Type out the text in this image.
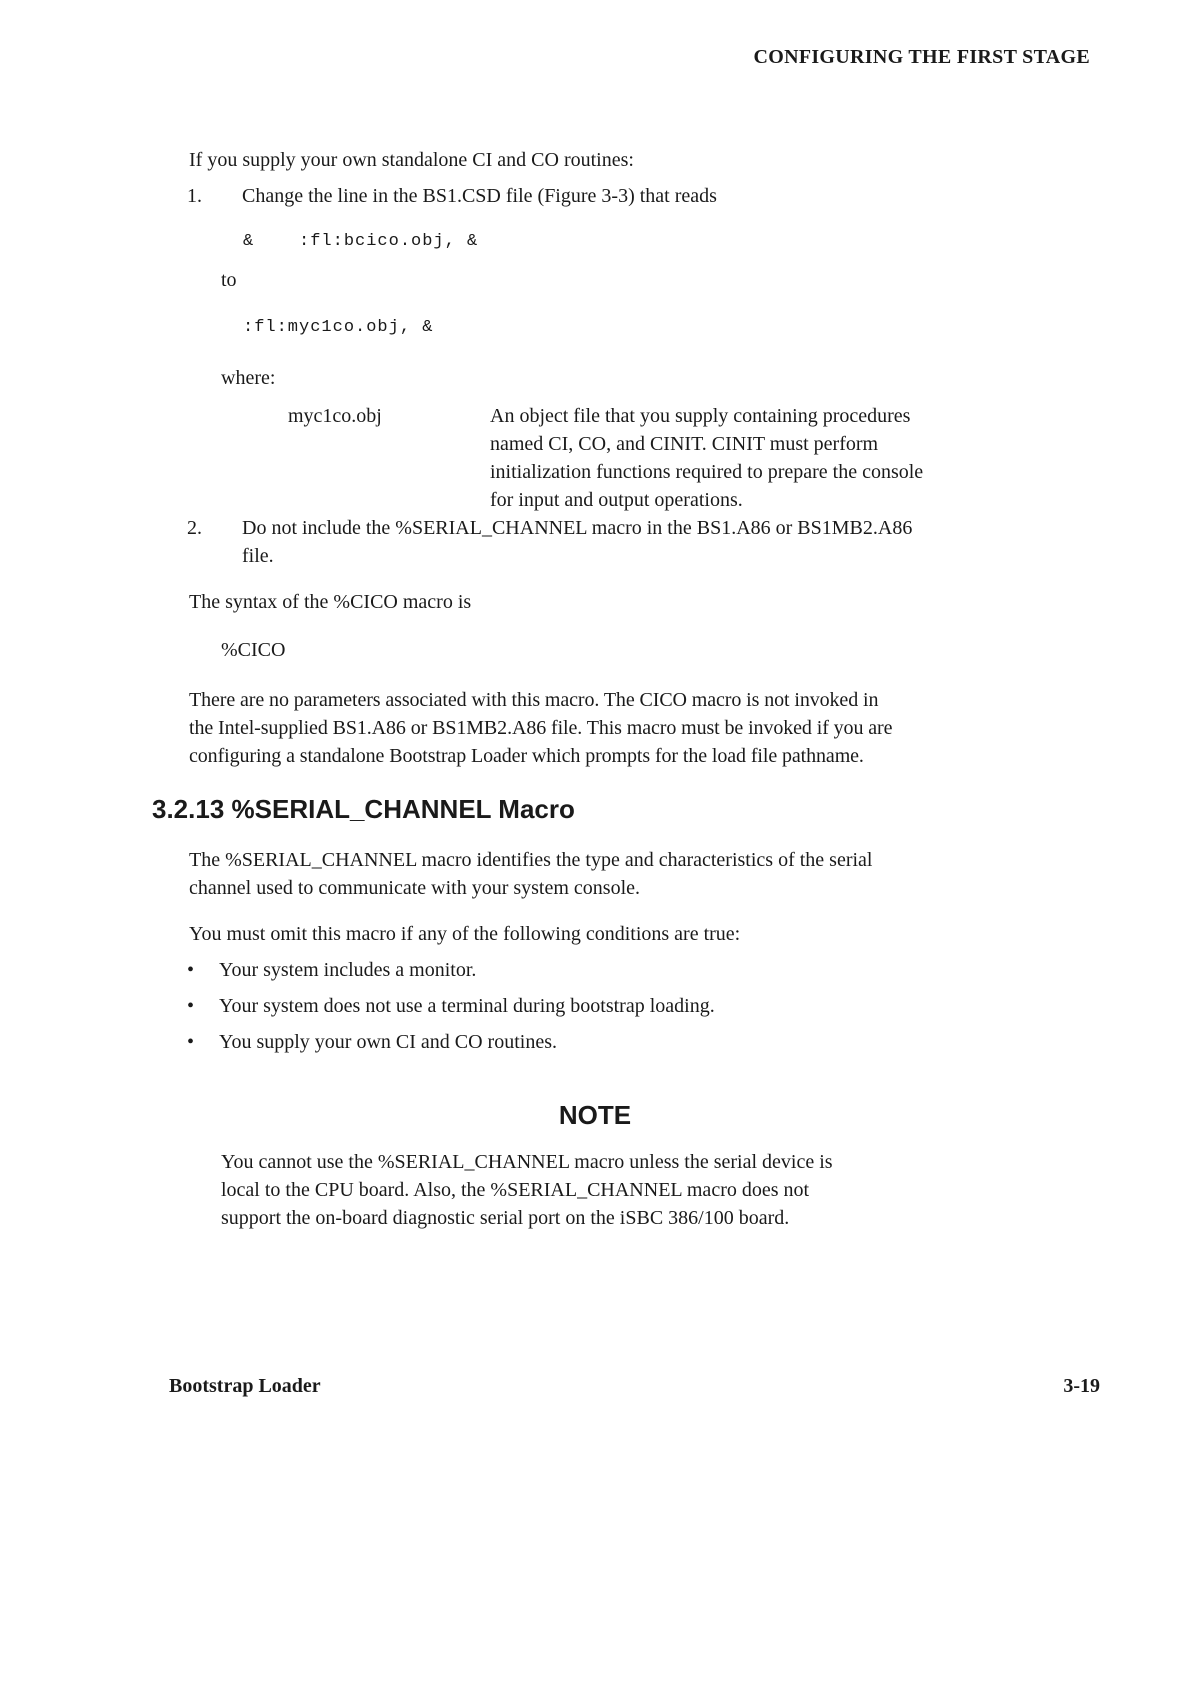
CONFIGURING THE FIRST STAGE
If you supply your own standalone CI and CO routines:
1.	Change the line in the BS1.CSD file (Figure 3-3) that reads
&    :fl:bcico.obj, &
to
:fl:myc1co.obj, &
where:
myc1co.obj	An object file that you supply containing procedures
named CI, CO, and CINIT. CINIT must perform
initialization functions required to prepare the console
for input and output operations.
2.	Do not include the %SERIAL_CHANNEL macro in the BS1.A86 or BS1MB2.A86
file.
The syntax of the %CICO macro is
%CICO
There are no parameters associated with this macro. The CICO macro is not invoked in
the Intel-supplied BS1.A86 or BS1MB2.A86 file. This macro must be invoked if you are
configuring a standalone Bootstrap Loader which prompts for the load file pathname.
3.2.13 %SERIAL_CHANNEL Macro
The %SERIAL_CHANNEL macro identifies the type and characteristics of the serial
channel used to communicate with your system console.
You must omit this macro if any of the following conditions are true:
•	Your system includes a monitor.
•	Your system does not use a terminal during bootstrap loading.
•	You supply your own CI and CO routines.
NOTE
You cannot use the %SERIAL_CHANNEL macro unless the serial device is
local to the CPU board. Also, the %SERIAL_CHANNEL macro does not
support the on-board diagnostic serial port on the iSBC 386/100 board.
Bootstrap Loader	3-19
